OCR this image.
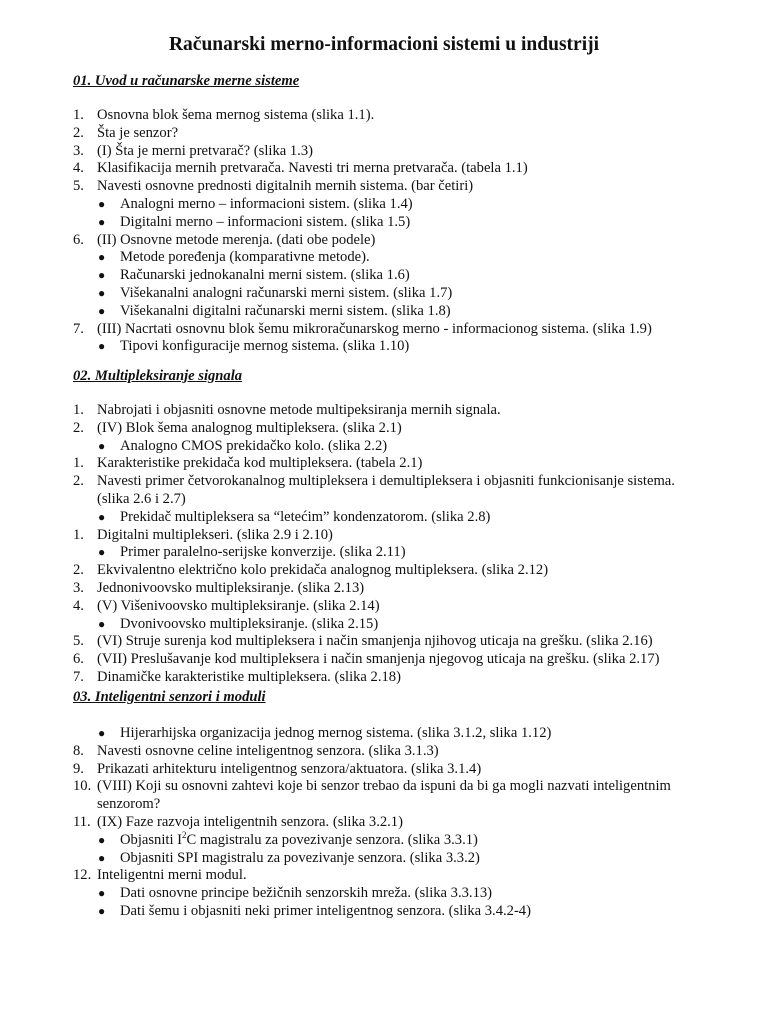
Računarski merno-informacioni sistemi u industriji
01. Uvod u računarske merne sisteme
1. Osnovna blok šema mernog sistema (slika 1.1).
2. Šta je senzor?
3. (I) Šta je merni pretvarač? (slika 1.3)
4. Klasifikacija mernih pretvarača. Navesti tri merna pretvarača. (tabela 1.1)
5. Navesti osnovne prednosti digitalnih mernih sistema. (bar četiri)
● Analogni merno – informacioni sistem. (slika 1.4)
● Digitalni merno – informacioni sistem. (slika 1.5)
6. (II) Osnovne metode merenja. (dati obe podele)
● Metode poređenja (komparativne metode).
● Računarski jednokanalni merni sistem. (slika 1.6)
● Višekanalni analogni računarski merni sistem. (slika 1.7)
● Višekanalni digitalni računarski merni sistem. (slika 1.8)
7. (III) Nacrtati osnovnu blok šemu mikroračunarskog merno - informacionog sistema. (slika 1.9)
● Tipovi konfiguracije mernog sistema. (slika 1.10)
02. Multipleksiranje signala
1. Nabrojati i objasniti osnovne metode multipeksiranja mernih signala.
2. (IV) Blok šema analognog multipleksera. (slika 2.1)
● Analogno CMOS prekidačko kolo. (slika 2.2)
1. Karakteristike prekidača kod multipleksera. (tabela 2.1)
2. Navesti primer četvorokanalnog multipleksera i demultipleksera i objasniti funkcionisanje sistema.
(slika 2.6 i 2.7)
● Prekidač multipleksera sa “letećim” kondenzatorom. (slika 2.8)
1. Digitalni multiplekseri. (slika 2.9 i 2.10)
● Primer paralelno-serijske konverzije. (slika 2.11)
2. Ekvivalentno električno kolo prekidača analognog multipleksera. (slika 2.12)
3. Jednonivoovsko multipleksiranje. (slika 2.13)
4. (V) Višenivoovsko multipleksiranje. (slika 2.14)
● Dvonivoovsko multipleksiranje. (slika 2.15)
5. (VI) Struje surenja kod multipleksera i način smanjenja njihovog uticaja na grešku. (slika 2.16)
6. (VII) Preslušavanje kod multipleksera i način smanjenja njegovog uticaja na grešku. (slika 2.17)
7. Dinamičke karakteristike multipleksera. (slika 2.18)
03. Inteligentni senzori i moduli
● Hijerarhijska organizacija jednog mernog sistema. (slika 3.1.2, slika 1.12)
8. Navesti osnovne celine inteligentnog senzora. (slika 3.1.3)
9. Prikazati arhitekturu inteligentnog senzora/aktuatora. (slika 3.1.4)
10. (VIII) Koji su osnovni zahtevi koje bi senzor trebao da ispuni da bi ga mogli nazvati inteligentnim
senzorom?
11. (IX) Faze razvoja inteligentnih senzora. (slika 3.2.1)
● Objasniti $I^2C$ magistralu za povezivanje senzora. (slika 3.3.1)
● Objasniti SPI magistralu za povezivanje senzora. (slika 3.3.2)
12. Inteligentni merni modul.
● Dati osnovne principe bežičnih senzorskih mreža. (slika 3.3.13)
● Dati šemu i objasniti neki primer inteligentnog senzora. (slika 3.4.2-4)
